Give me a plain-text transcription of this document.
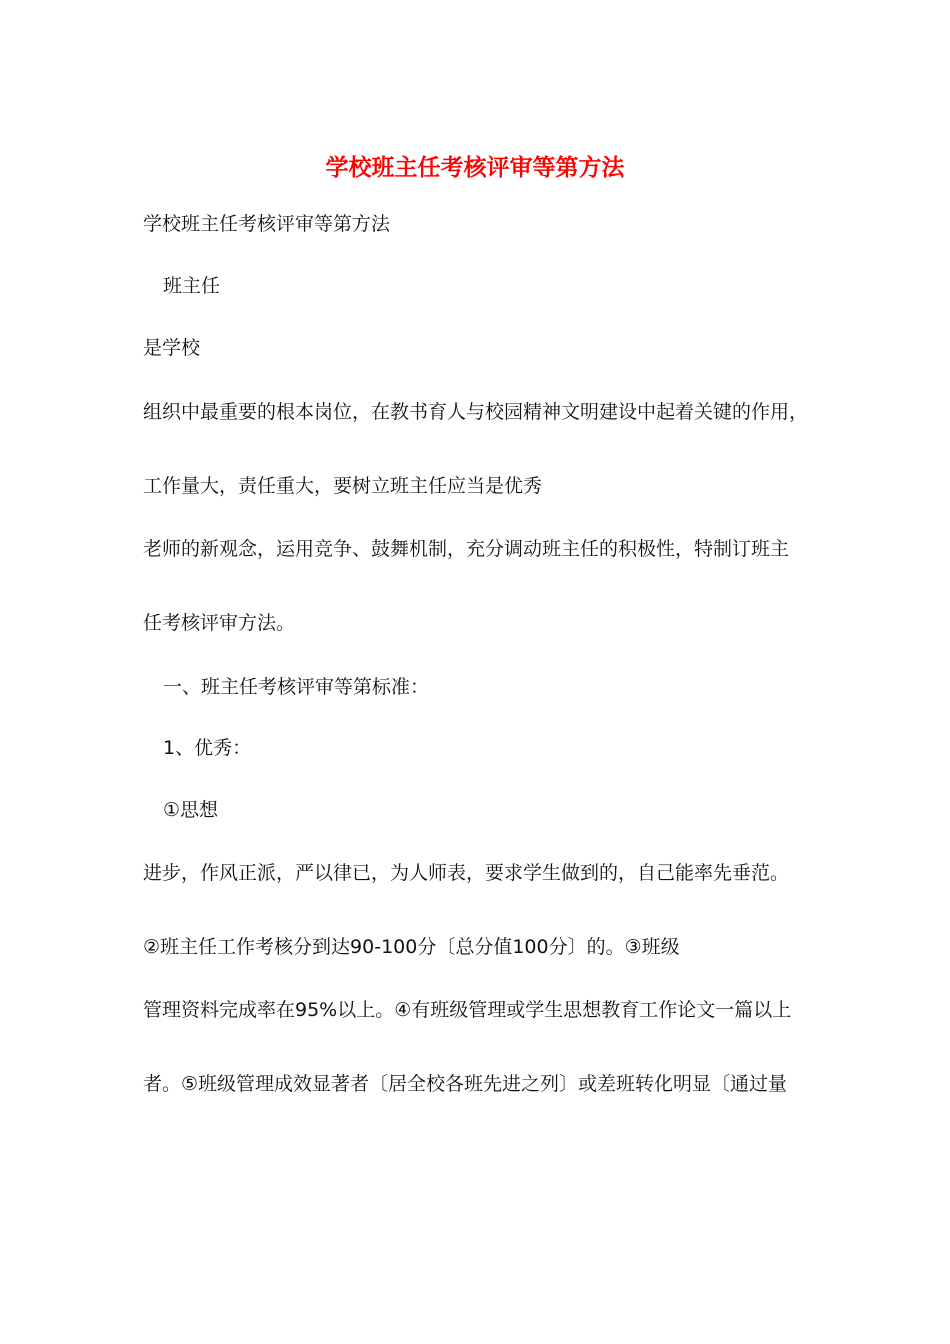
学校班主任考核评审等第方法

学校班主任考核评审等第方法

班主任

是学校

组织中最重要的根本岗位，在教书育人与校园精神文明建设中起着关键的作用，

工作量大，责任重大，要树立班主任应当是优秀

老师的新观念，运用竞争、鼓舞机制，充分调动班主任的积极性，特制订班主

任考核评审方法。

一、班主任考核评审等第标准：

1、优秀：

①思想

进步，作风正派，严以律已，为人师表，要求学生做到的，自己能率先垂范。

②班主任工作考核分到达90-100分〔总分值100分〕的。③班级

管理资料完成率在95%以上。④有班级管理或学生思想教育工作论文一篇以上

者。⑤班级管理成效显著者〔居全校各班先进之列〕或差班转化明显〔通过量
